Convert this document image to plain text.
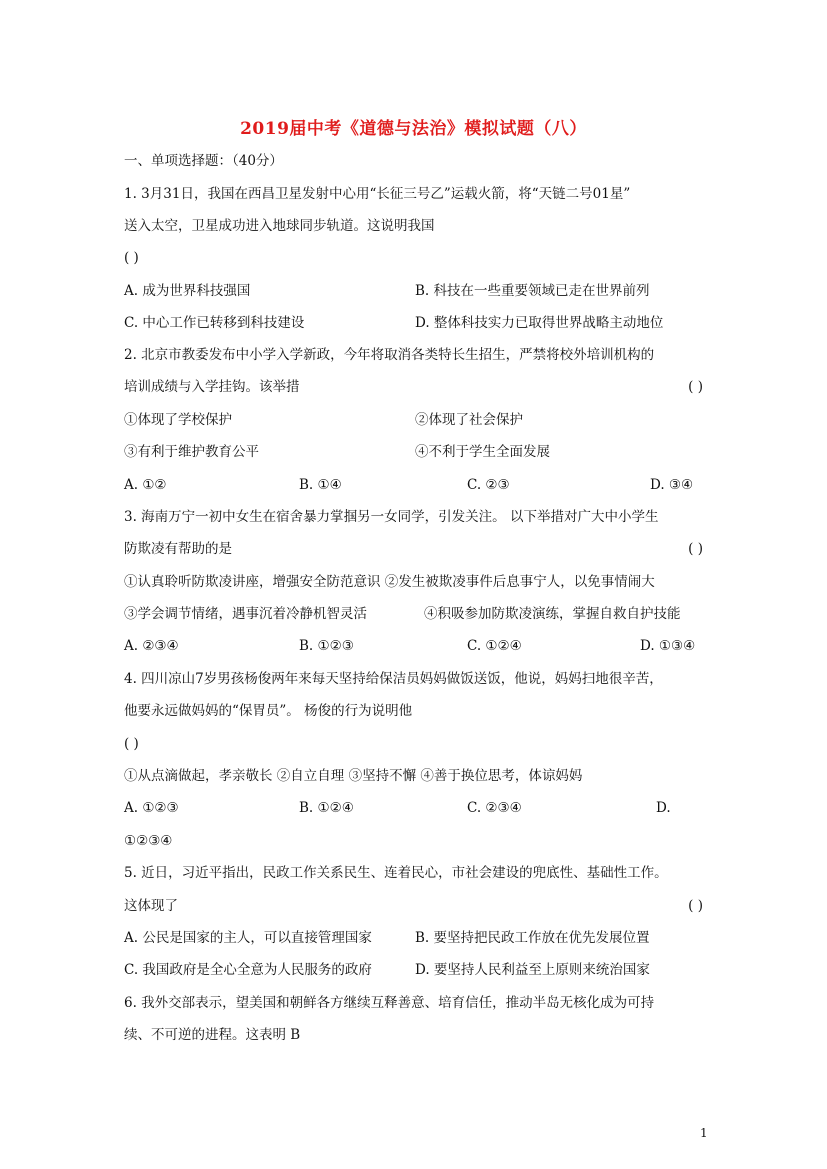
2019届中考《道德与法治》模拟试题（八）
一、单项选择题：（40分）
1. 3月31日，我国在西昌卫星发射中心用“长征三号乙”运载火箭，将“天链二号01星”
送入太空，卫星成功进入地球同步轨道。这说明我国
( )
A. 成为世界科技强国	B. 科技在一些重要领域已走在世界前列
C. 中心工作已转移到科技建设	D. 整体科技实力已取得世界战略主动地位
2. 北京市教委发布中小学入学新政，今年将取消各类特长生招生，严禁将校外培训机构的
培训成绩与入学挂钩。该举措	( )
①体现了学校保护	②体现了社会保护
③有利于维护教育公平	④不利于学生全面发展
A. ①②	B. ①④	C. ②③	D. ③④
3. 海南万宁一初中女生在宿舍暴力掌掴另一女同学，引发关注。 以下举措对广大中小学生
防欺凌有帮助的是	( )
①认真聆听防欺凌讲座，增强安全防范意识 ②发生被欺凌事件后息事宁人，以免事情闹大
③学会调节情绪，遇事沉着冷静机智灵活	④积吸参加防欺凌演练，掌握自救自护技能
A. ②③④	B. ①②③	C. ①②④	D. ①③④
4. 四川凉山7岁男孩杨俊两年来每天坚持给保洁员妈妈做饭送饭，他说，妈妈扫地很辛苦，
他要永远做妈妈的“保胃员”。 杨俊的行为说明他
( )
①从点滴做起，孝亲敬长 ②自立自理 ③坚持不懈 ④善于换位思考，体谅妈妈
A. ①②③	B. ①②④	C. ②③④	D.
①②③④
5. 近日，习近平指出，民政工作关系民生、连着民心，市社会建设的兜底性、基础性工作。
这体现了	( )
A. 公民是国家的主人，可以直接管理国家	B. 要坚持把民政工作放在优先发展位置
C. 我国政府是全心全意为人民服务的政府	D. 要坚持人民利益至上原则来统治国家
6. 我外交部表示，望美国和朝鲜各方继续互释善意、培育信任，推动半岛无核化成为可持
续、不可逆的进程。这表明 B
1
